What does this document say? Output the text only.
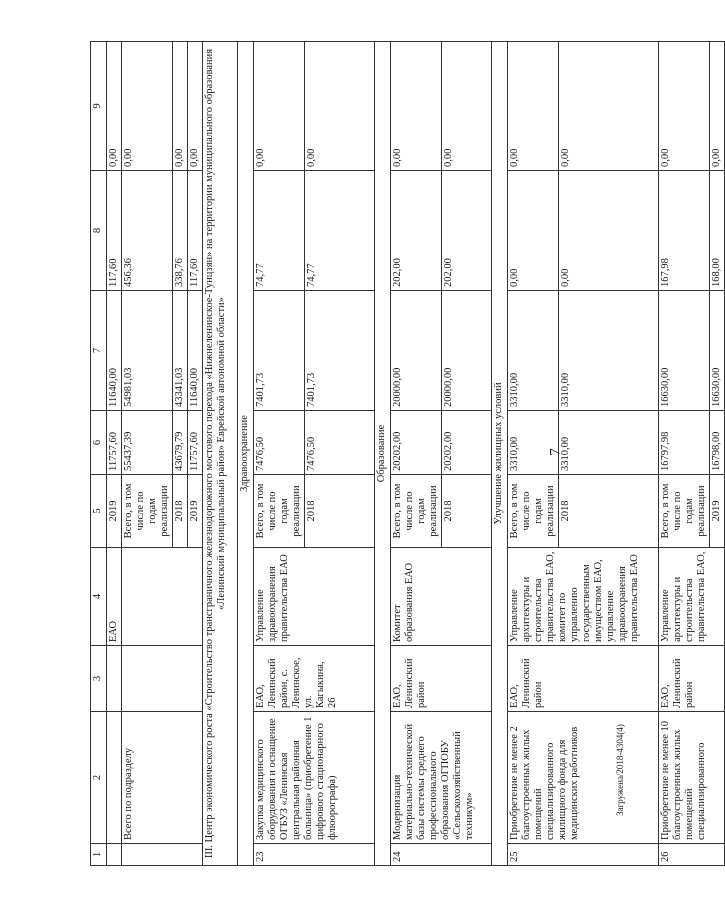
7
Загружена/2018-4304(4)
1	2	3	4	5	6	7	8	9
			ЕАО	2019	11757,60	11640,00	117,60	0,00
	Всего по подразделу			Всего, в том числе по годам реализации	55437,39	54981,03	456,36	0,00
				2018	43679,79	43341,03	338,76	0,00
				2019	11757,60	11640,00	117,60	0,00
III. Центр экономического роста «Строительство трансграничного железнодорожного мостового перехода «Нижнеленинское-Тунцзян» на территории муниципального образования «Ленинский муниципальный район» Еврейской автономной области»								
Здравоохранение								
23	Закупка медицинского оборудования и оснащение ОГБУЗ «Ленинская центральная районная больница» (приобретение 1 цифрового стационарного флюорографа)	ЕАО, Ленинский район, с. Ленинское, ул. Кагыкина, 26	Управление здравоохранения правительства ЕАО	Всего, в том числе по годам реализации	7476,50	7401,73	74,77	0,00
				2018	7476,50	7401,73	74,77	0,00
Образование								
24	Модернизация материально-технической базы системы среднего профессионального образования ОГПОБУ «Сельскохозяйственный техникум»	ЕАО, Ленинский район	Комитет образования ЕАО	Всего, в том числе по годам реализации	20202,00	20000,00	202,00	0,00
				2018	20202,00	20000,00	202,00	0,00
Улучшение жилищных условий								
25	Приобретение не менее 2 благоустроенных жилых помещений специализированного жилищного фонда для медицинских работников	ЕАО, Ленинский район	Управление архитектуры и строительства правительства ЕАО, комитет по управлению государственным имуществом ЕАО, управление здравоохранения правительства ЕАО	Всего, в том числе по годам реализации	3310,00	3310,00	0,00	0,00
				2018	3310,00	3310,00	0,00	0,00
26	Приобретение не менее 10 благоустроенных жилых помещений специализированного	ЕАО, Ленинский район	Управление архитектуры и строительства правительства ЕАО,	Всего, в том числе по годам реализации	16797,98	16630,00	167,98	0,00
				2019	16798,00	16630,00	168,00	0,00
